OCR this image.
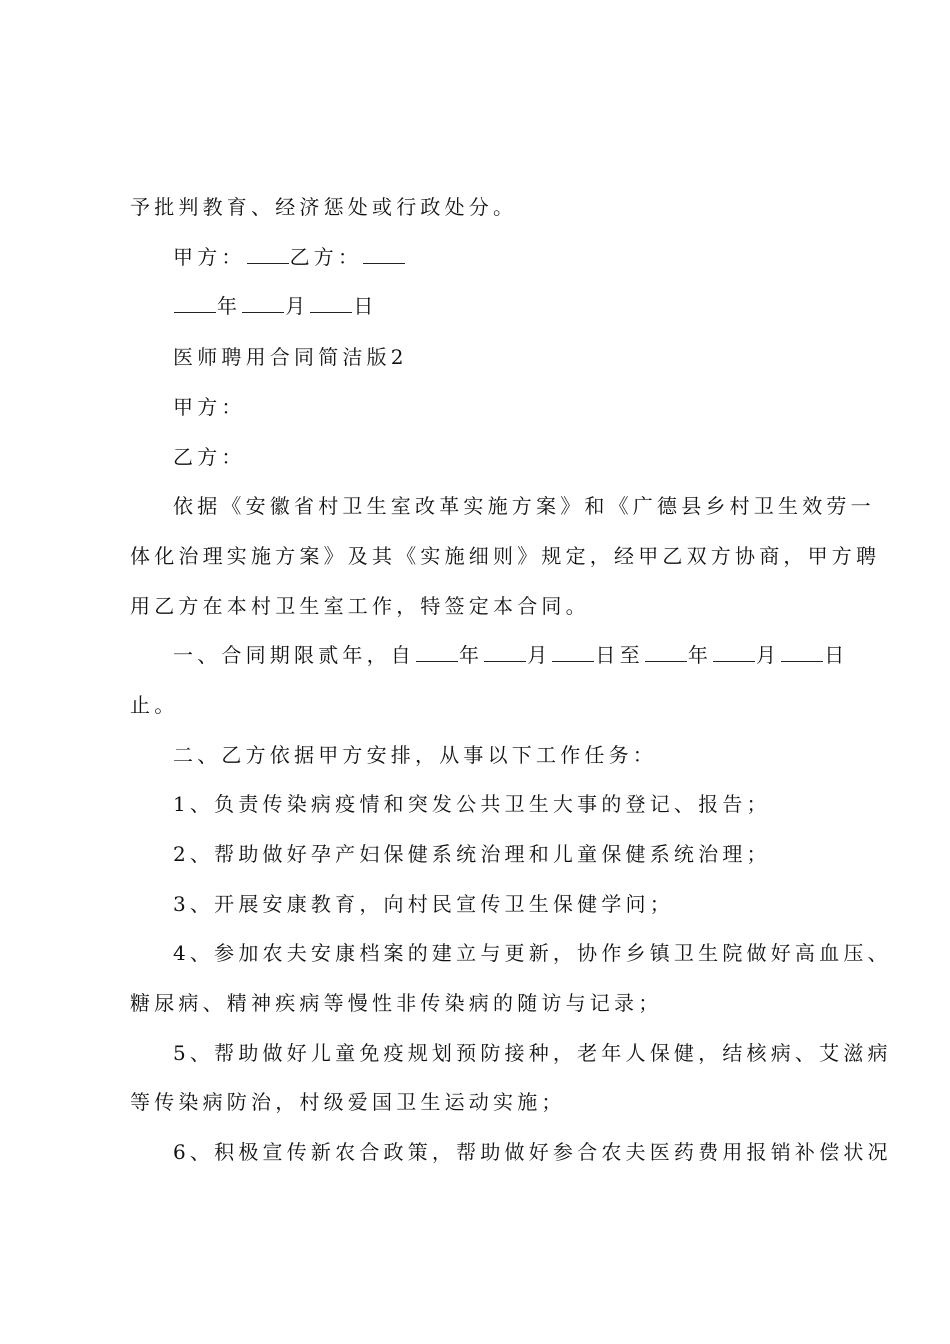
予批判教育、经济惩处或行政处分。
甲方： 乙方：
年 月 日
医师聘用合同简洁版2
甲方：
乙方：
依据《安徽省村卫生室改革实施方案》和《广德县乡村卫生效劳一
体化治理实施方案》及其《实施细则》规定，经甲乙双方协商，甲方聘
用乙方在本村卫生室工作，特签定本合同。
一、合同期限贰年，自 年 月 日至 年 月 日
止。
二、乙方依据甲方安排，从事以下工作任务：
1、负责传染病疫情和突发公共卫生大事的登记、报告；
2、帮助做好孕产妇保健系统治理和儿童保健系统治理；
3、开展安康教育，向村民宣传卫生保健学问；
4、参加农夫安康档案的建立与更新，协作乡镇卫生院做好高血压、
糖尿病、精神疾病等慢性非传染病的随访与记录；
5、帮助做好儿童免疫规划预防接种，老年人保健，结核病、艾滋病
等传染病防治，村级爱国卫生运动实施；
6、积极宣传新农合政策，帮助做好参合农夫医药费用报销补偿状况
